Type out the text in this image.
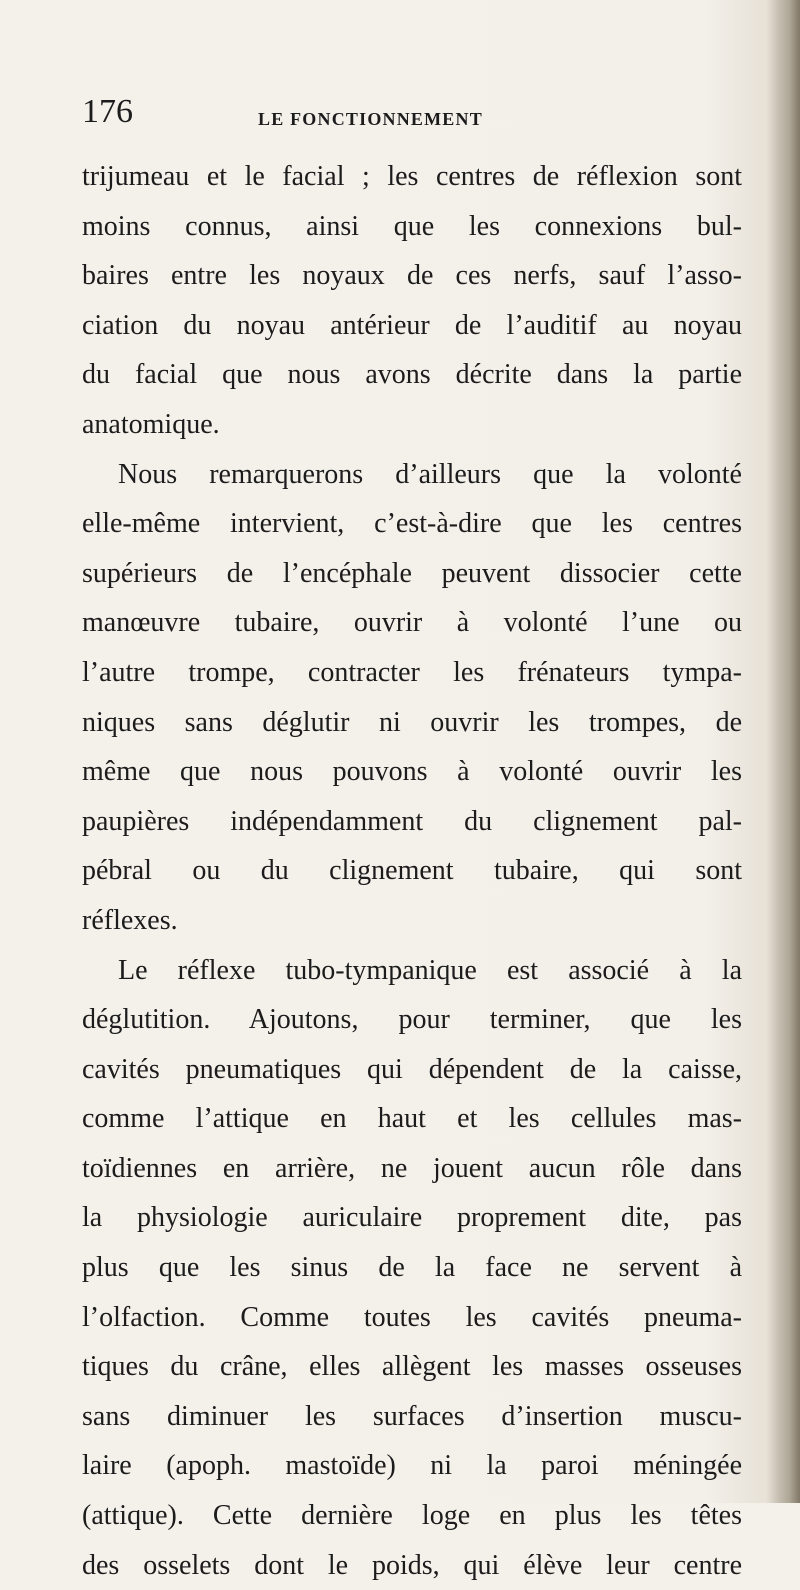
176	LE FONCTIONNEMENT
trijumeau et le facial ; les centres de réflexion sont
moins connus, ainsi que les connexions bul-
baires entre les noyaux de ces nerfs, sauf l’asso-
ciation du noyau antérieur de l’auditif au noyau
du facial que nous avons décrite dans la partie
anatomique.
Nous remarquerons d’ailleurs que la volonté
elle-même intervient, c’est-à-dire que les centres
supérieurs de l’encéphale peuvent dissocier cette
manœuvre tubaire, ouvrir à volonté l’une ou
l’autre trompe, contracter les frénateurs tympa-
niques sans déglutir ni ouvrir les trompes, de
même que nous pouvons à volonté ouvrir les
paupières indépendamment du clignement pal-
pébral ou du clignement tubaire, qui sont
réflexes.
Le réflexe tubo-tympanique est associé à la
déglutition. Ajoutons, pour terminer, que les
cavités pneumatiques qui dépendent de la caisse,
comme l’attique en haut et les cellules mas-
toïdiennes en arrière, ne jouent aucun rôle dans
la physiologie auriculaire proprement dite, pas
plus que les sinus de la face ne servent à
l’olfaction. Comme toutes les cavités pneuma-
tiques du crâne, elles allègent les masses osseuses
sans diminuer les surfaces d’insertion muscu-
laire (apoph. mastoïde) ni la paroi méningée
(attique). Cette dernière loge en plus les têtes
des osselets dont le poids, qui élève leur centre
